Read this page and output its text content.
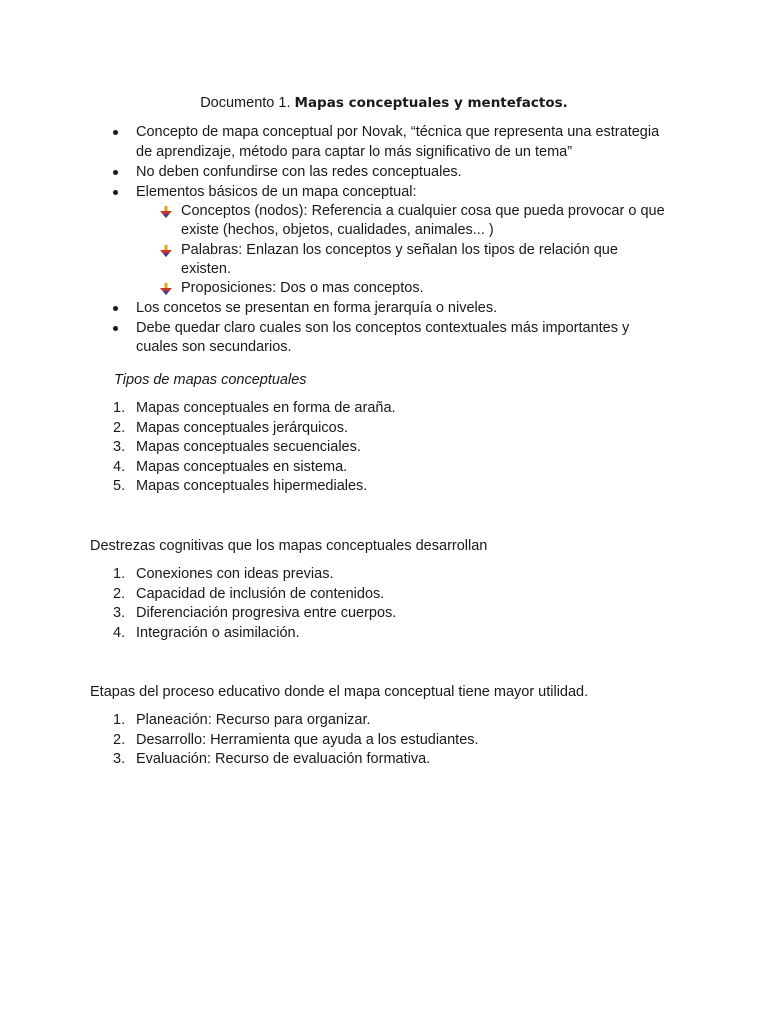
Documento 1. Mapas conceptuales y mentefactos.
Concepto de mapa conceptual por Novak, “técnica que representa una estrategia de aprendizaje, método para captar lo más significativo de un tema”
No deben confundirse con las redes conceptuales.
Elementos básicos de un mapa conceptual:
Conceptos (nodos): Referencia a cualquier cosa que pueda provocar o que existe (hechos, objetos, cualidades, animales... )
Palabras: Enlazan los conceptos y señalan los tipos de relación que existen.
Proposiciones: Dos o mas conceptos.
Los concetos se presentan en forma jerarquía o niveles.
Debe quedar claro cuales son los conceptos contextuales más importantes y cuales son secundarios.
Tipos de mapas conceptuales
1. Mapas conceptuales en forma de araña.
2. Mapas conceptuales jerárquicos.
3. Mapas conceptuales secuenciales.
4. Mapas conceptuales en sistema.
5. Mapas conceptuales hipermediales.
Destrezas cognitivas que los mapas conceptuales desarrollan
1. Conexiones con ideas previas.
2. Capacidad de inclusión de contenidos.
3. Diferenciación progresiva entre cuerpos.
4. Integración o asimilación.
Etapas del proceso educativo donde el mapa conceptual tiene mayor utilidad.
1. Planeación: Recurso para organizar.
2. Desarrollo: Herramienta que ayuda a los estudiantes.
3. Evaluación: Recurso de evaluación formativa.
